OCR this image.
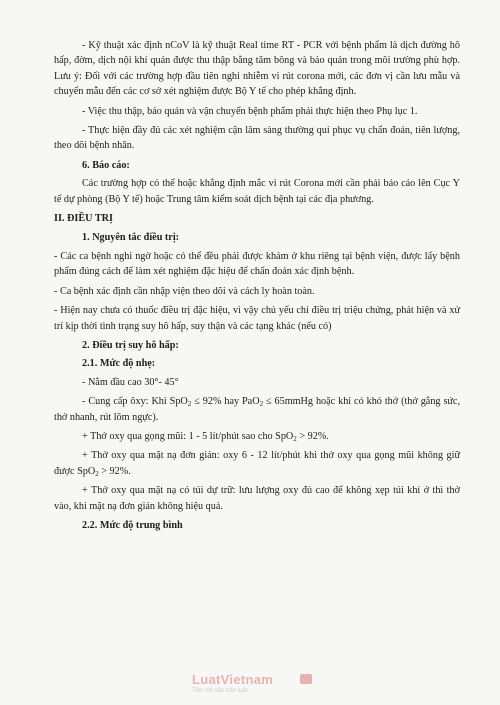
- Kỹ thuật xác định nCoV là kỹ thuật Real time RT - PCR với bệnh phẩm là dịch đường hô hấp, đờm, dịch nội khí quản được thu thập bằng tăm bông và bảo quản trong môi trường phù hợp. Lưu ý: Đối với các trường hợp đầu tiên nghi nhiễm vi rút corona mới, các đơn vị cần lưu mẫu và chuyển mẫu đến các cơ sở xét nghiệm được Bộ Y tế cho phép khẳng định.

- Việc thu thập, bảo quản và vận chuyển bệnh phẩm phải thực hiện theo Phụ lục 1.

- Thực hiện đầy đủ các xét nghiệm cận lâm sàng thường qui phục vụ chẩn đoán, tiên lượng, theo dõi bệnh nhân.

6. Báo cáo:

Các trường hợp có thể hoặc khẳng định mắc vi rút Corona mới cần phải báo cáo lên Cục Y tế dự phòng (Bộ Y tế) hoặc Trung tâm kiểm soát dịch bệnh tại các địa phương.

II. ĐIỀU TRỊ

1. Nguyên tắc điều trị:

- Các ca bệnh nghi ngờ hoặc có thể đều phải được khám ở khu riêng tại bệnh viện, được lấy bệnh phẩm đúng cách để làm xét nghiệm đặc hiệu để chẩn đoán xác định bệnh.

- Ca bệnh xác định cần nhập viện theo dõi và cách ly hoàn toàn.

- Hiện nay chưa có thuốc điều trị đặc hiệu, vì vậy chủ yếu chỉ điều trị triệu chứng, phát hiện và xử trí kịp thời tình trạng suy hô hấp, suy thận và các tạng khác (nếu có)

2. Điều trị suy hô hấp:

2.1. Mức độ nhẹ:

- Nằm đầu cao 30°- 45°

- Cung cấp ôxy: Khi SpO$_2$ ≤ 92% hay PaO$_2$ ≤ 65mmHg hoặc khi có khó thở (thở gắng sức, thở nhanh, rút lõm ngực).

+ Thở oxy qua gọng mũi: 1 - 5 lít/phút sao cho SpO$_2$ > 92%.

+ Thở oxy qua mặt nạ đơn giản: oxy 6 - 12 lít/phút khi thở oxy qua gọng mũi không giữ được SpO$_2$ > 92%.

+ Thở oxy qua mặt nạ có túi dự trữ: lưu lượng oxy đủ cao để không xẹp túi khí ở thì thở vào, khi mặt nạ đơn giản không hiệu quả.

2.2. Mức độ trung bình

LuatVietnam
Tiện ích văn bản luật
